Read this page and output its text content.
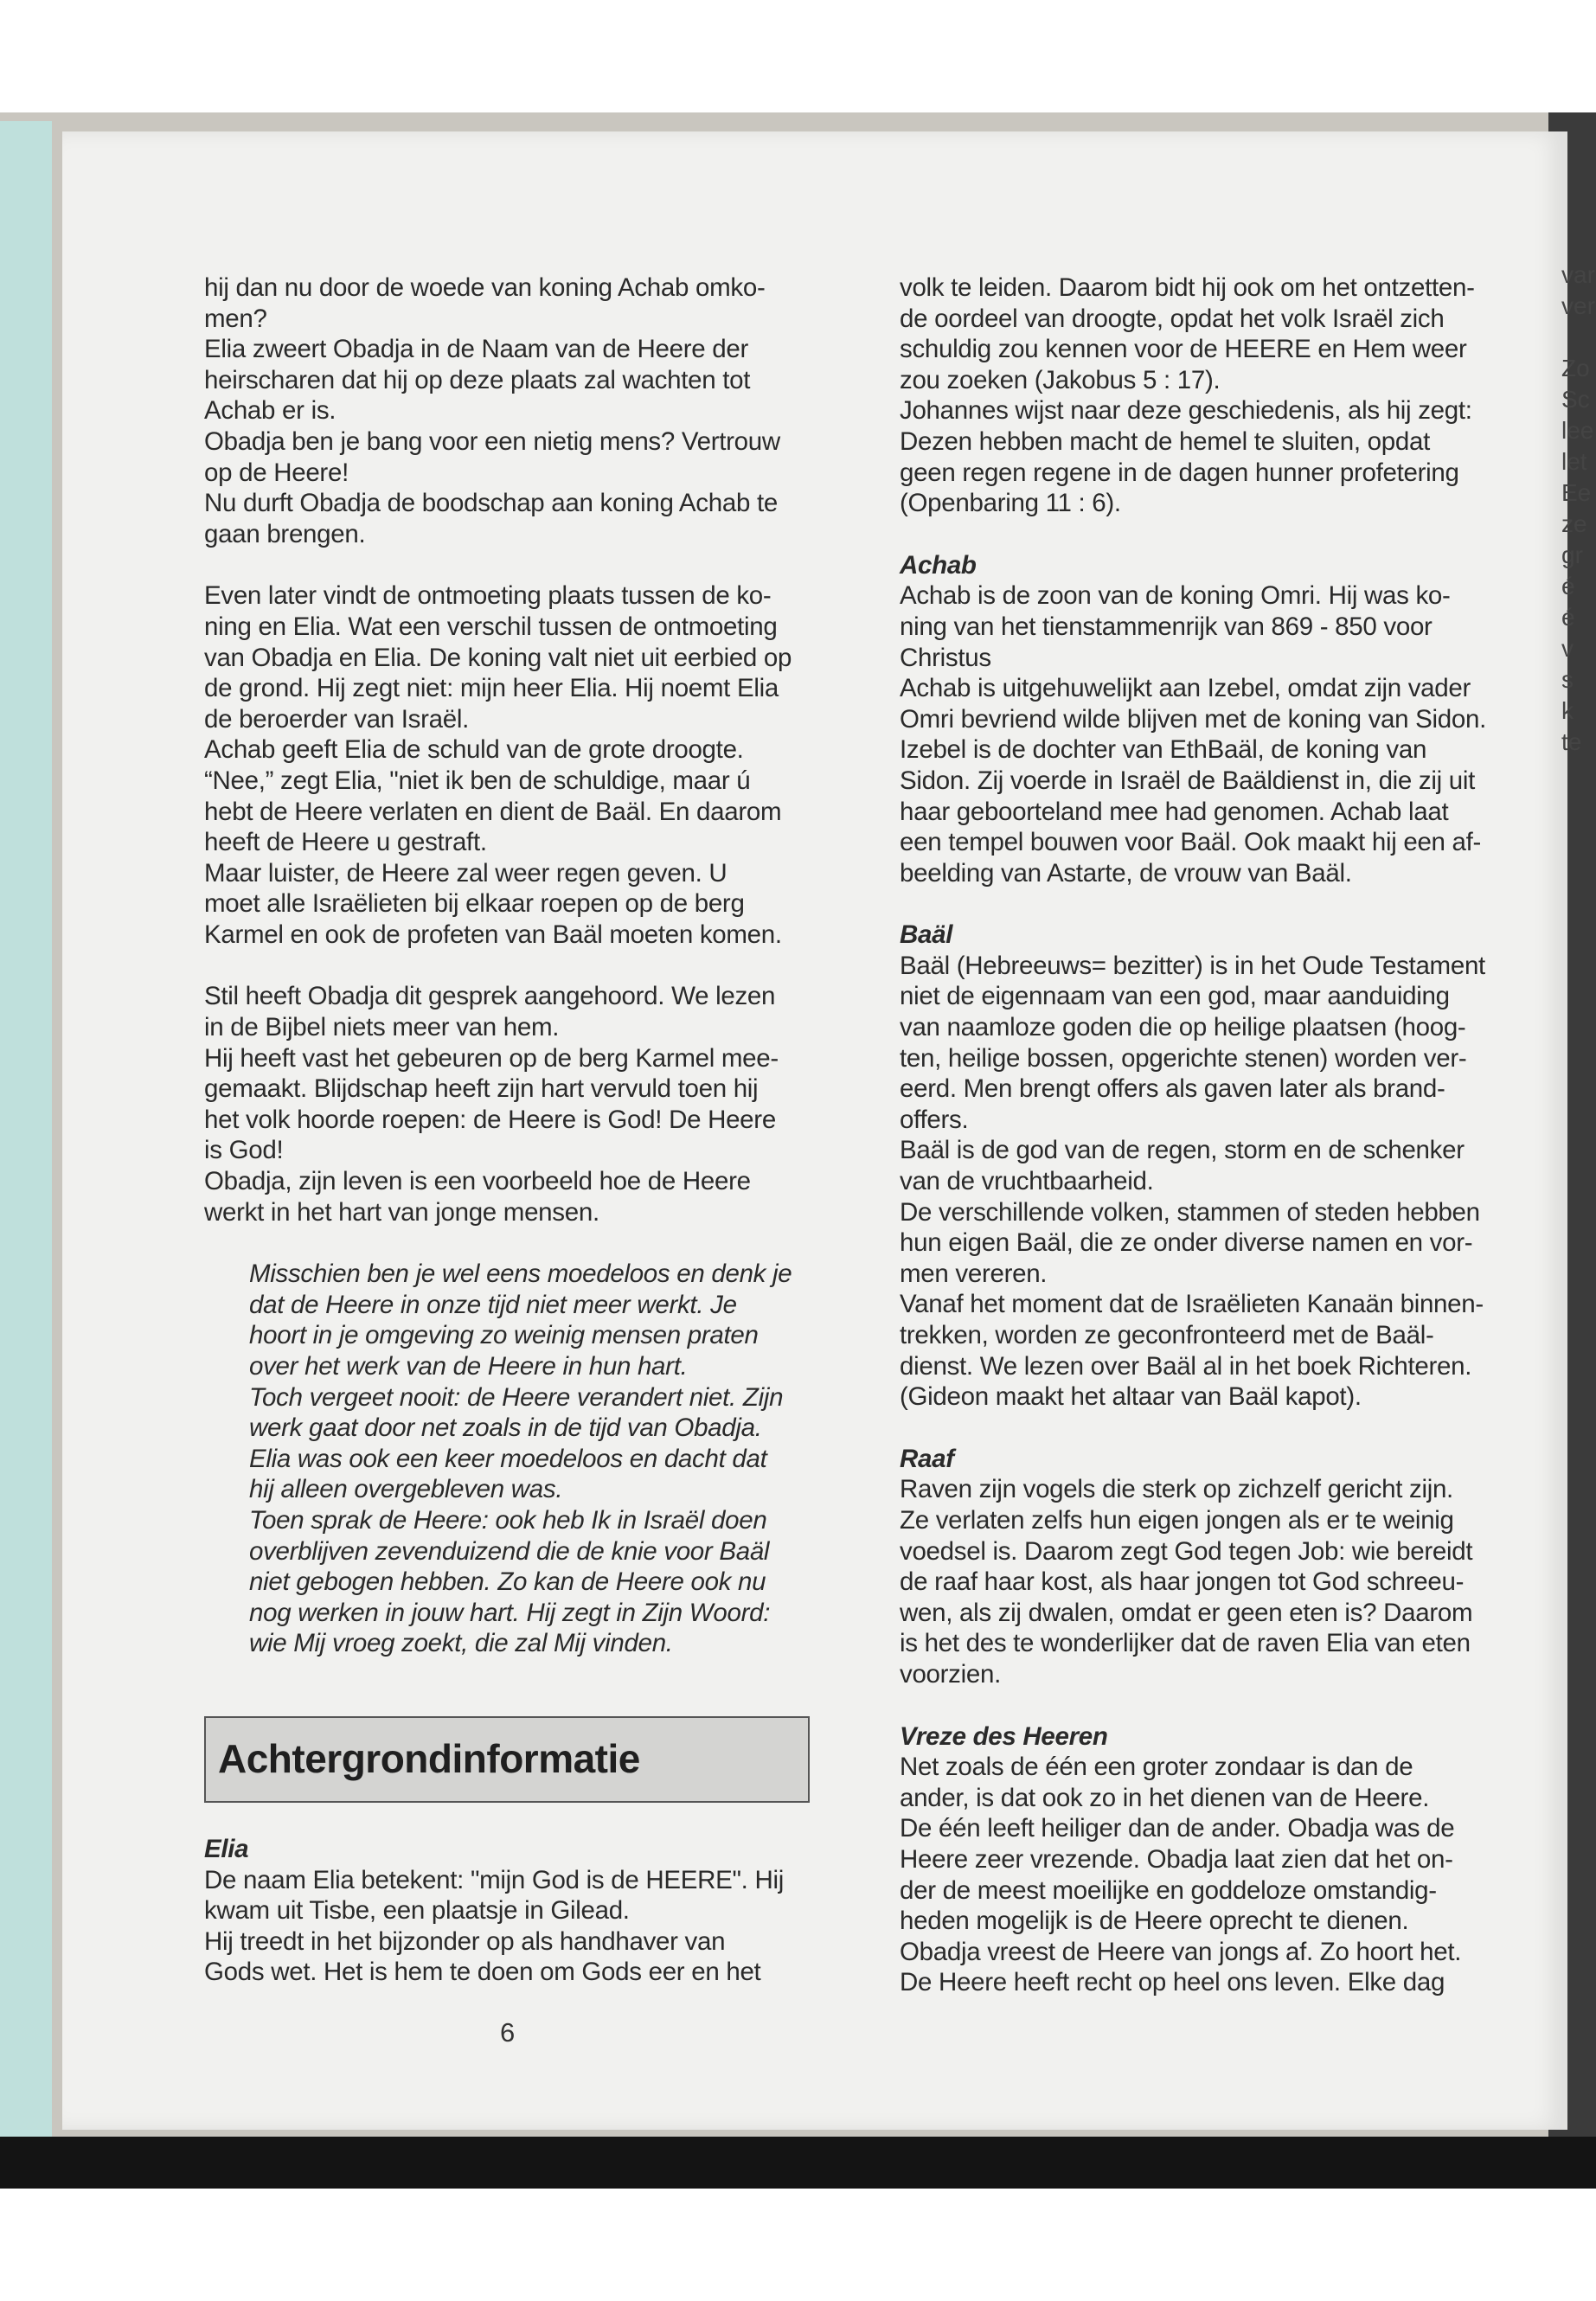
var
ver

Zo
Sc
lee
let
Ee
ze
gr
é
é
v
s
k
te

hij dan nu door de woede van koning Achab omko-

men?

Elia zweert Obadja in de Naam van de Heere der

heirscharen dat hij op deze plaats zal wachten tot

Achab er is.

Obadja ben je bang voor een nietig mens? Vertrouw

op de Heere!

Nu durft Obadja de boodschap aan koning Achab te

gaan brengen.

Even later vindt de ontmoeting plaats tussen de ko-

ning en Elia. Wat een verschil tussen de ontmoeting

van Obadja en Elia. De koning valt niet uit eerbied op

de grond. Hij zegt niet: mijn heer Elia. Hij noemt Elia

de beroerder van Israël.

Achab geeft Elia de schuld van de grote droogte.

“Nee,” zegt Elia, "niet ik ben de schuldige, maar ú

hebt de Heere verlaten en dient de Baäl. En daarom

heeft de Heere u gestraft.

Maar luister, de Heere zal weer regen geven. U

moet alle Israëlieten bij elkaar roepen op de berg

Karmel en ook de profeten van Baäl moeten komen.

Stil heeft Obadja dit gesprek aangehoord. We lezen

in de Bijbel niets meer van hem.

Hij heeft vast het gebeuren op de berg Karmel mee-

gemaakt. Blijdschap heeft zijn hart vervuld toen hij

het volk hoorde roepen: de Heere is God! De Heere

is God!

Obadja, zijn leven is een voorbeeld hoe de Heere

werkt in het hart van jonge mensen.

Misschien ben je wel eens moedeloos en denk je

dat de Heere in onze tijd niet meer werkt. Je

hoort in je omgeving zo weinig mensen praten

over het werk van de Heere in hun hart.

Toch vergeet nooit: de Heere verandert niet. Zijn

werk gaat door net zoals in de tijd van Obadja.

Elia was ook een keer moedeloos en dacht dat

hij alleen overgebleven was.

Toen sprak de Heere: ook heb Ik in Israël doen

overblijven zevenduizend die de knie voor Baäl

niet gebogen hebben. Zo kan de Heere ook nu

nog werken in jouw hart. Hij zegt in Zijn Woord:

wie Mij vroeg zoekt, die zal Mij vinden.

Achtergrondinformatie

Elia

De naam Elia betekent: "mijn God is de HEERE". Hij

kwam uit Tisbe, een plaatsje in Gilead.

Hij treedt in het bijzonder op als handhaver van

Gods wet. Het is hem te doen om Gods eer en het

volk te leiden. Daarom bidt hij ook om het ontzetten-

de oordeel van droogte, opdat het volk Israël zich

schuldig zou kennen voor de HEERE en Hem weer

zou zoeken (Jakobus 5 : 17).

Johannes wijst naar deze geschiedenis, als hij zegt:

Dezen hebben macht de hemel te sluiten, opdat

geen regen regene in de dagen hunner profetering

(Openbaring 11 : 6).

Achab

Achab is de zoon van de koning Omri. Hij was ko-

ning van het tienstammenrijk van 869 - 850 voor

Christus

Achab is uitgehuwelijkt aan Izebel, omdat zijn vader

Omri bevriend wilde blijven met de koning van Sidon.

Izebel is de dochter van EthBaäl, de koning van

Sidon. Zij voerde in Israël de Baäldienst in, die zij uit

haar geboorteland mee had genomen. Achab laat

een tempel bouwen voor Baäl. Ook maakt hij een af-

beelding van Astarte, de vrouw van Baäl.

Baäl

Baäl (Hebreeuws= bezitter) is in het Oude Testament

niet de eigennaam van een god, maar aanduiding

van naamloze goden die op heilige plaatsen (hoog-

ten, heilige bossen, opgerichte stenen) worden ver-

eerd. Men brengt offers als gaven later als brand-

offers.

Baäl is de god van de regen, storm en de schenker

van de vruchtbaarheid.

De verschillende volken, stammen of steden hebben

hun eigen Baäl, die ze onder diverse namen en vor-

men vereren.

Vanaf het moment dat de Israëlieten Kanaän binnen-

trekken, worden ze geconfronteerd met de Baäl-

dienst. We lezen over Baäl al in het boek Richteren.

(Gideon maakt het altaar van Baäl kapot).

Raaf

Raven zijn vogels die sterk op zichzelf gericht zijn.

Ze verlaten zelfs hun eigen jongen als er te weinig

voedsel is. Daarom zegt God tegen Job: wie bereidt

de raaf haar kost, als haar jongen tot God schreeu-

wen, als zij dwalen, omdat er geen eten is? Daarom

is het des te wonderlijker dat de raven Elia van eten

voorzien.

Vreze des Heeren

Net zoals de één een groter zondaar is dan de

ander, is dat ook zo in het dienen van de Heere.

De één leeft heiliger dan de ander. Obadja was de

Heere zeer vrezende. Obadja laat zien dat het on-

der de meest moeilijke en goddeloze omstandig-

heden mogelijk is de Heere oprecht te dienen.

Obadja vreest de Heere van jongs af. Zo hoort het.

De Heere heeft recht op heel ons leven. Elke dag

6
